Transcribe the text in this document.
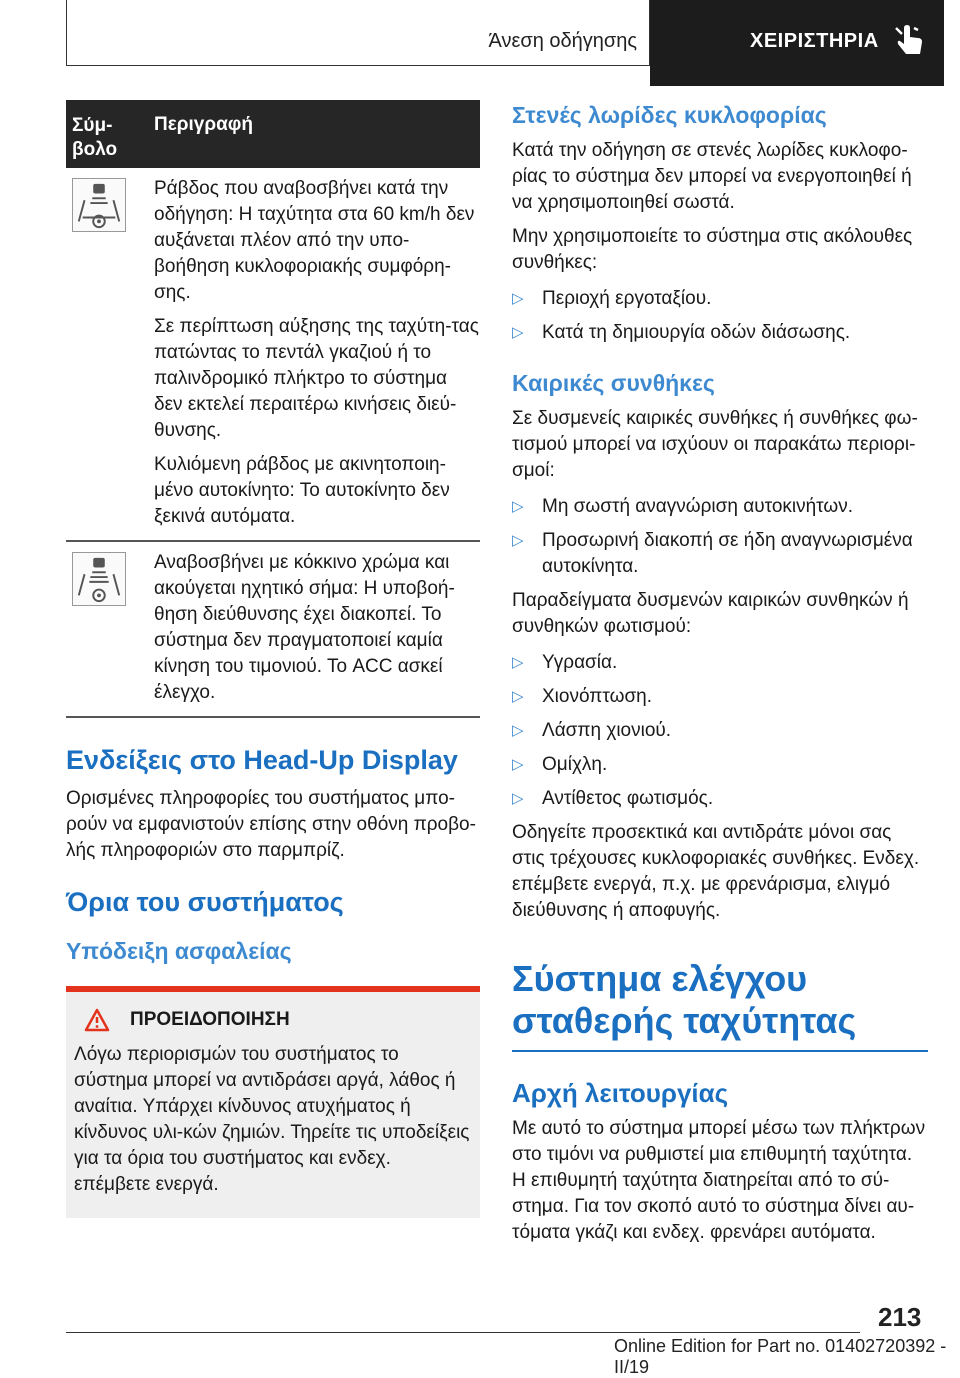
Άνεση οδήγησης	ΧΕΙΡΙΣΤΗΡΙΑ
Σύμ-βολο
Περιγραφή

Ράβδος που αναβοσβήνει κατά την οδήγηση: Η ταχύτητα στα 60 km/h δεν αυξάνεται πλέον από την υπο-βοήθηση κυκλοφοριακής συμφόρη-σης.

Σε περίπτωση αύξησης της ταχύτη-τας πατώντας το πεντάλ γκαζιού ή το παλινδρομικό πλήκτρο το σύστημα δεν εκτελεί περαιτέρω κινήσεις διεύ-θυνσης.

Κυλιόμενη ράβδος με ακινητοποιη-μένο αυτοκίνητο: Το αυτοκίνητο δεν ξεκινά αυτόματα.

Αναβοσβήνει με κόκκινο χρώμα και ακούγεται ηχητικό σήμα: Η υποβοή-θηση διεύθυνσης έχει διακοπεί. Το σύστημα δεν πραγματοποιεί καμία κίνηση του τιμονιού. Το ACC ασκεί έλεγχο.

Ενδείξεις στο Head-Up Display

Ορισμένες πληροφορίες του συστήματος μπο-ρούν να εμφανιστούν επίσης στην οθόνη προβο-λής πληροφοριών στο παρμπρίζ.

Όρια του συστήματος
Υπόδειξη ασφαλείας
ΠΡΟΕΙΔΟΠΟΙΗΣΗ

Λόγω περιορισμών του συστήματος το σύστημα μπορεί να αντιδράσει αργά, λάθος ή αναίτια. Υπάρχει κίνδυνος ατυχήματος ή κίνδυνος υλι-κών ζημιών. Τηρείτε τις υποδείξεις για τα όρια του συστήματος και ενδεχ. επέμβετε ενεργά.

Στενές λωρίδες κυκλοφορίας

Κατά την οδήγηση σε στενές λωρίδες κυκλοφο-ρίας το σύστημα δεν μπορεί να ενεργοποιηθεί ή να χρησιμοποιηθεί σωστά.

Μην χρησιμοποιείτε το σύστημα στις ακόλουθες συνθήκες:

▷ Περιοχή εργοταξίου.
▷ Κατά τη δημιουργία οδών διάσωσης.
Καιρικές συνθήκες

Σε δυσμενείς καιρικές συνθήκες ή συνθήκες φω-τισμού μπορεί να ισχύουν οι παρακάτω περιορι-σμοί:

▷ Μη σωστή αναγνώριση αυτοκινήτων.
▷ Προσωρινή διακοπή σε ήδη αναγνωρισμένα αυτοκίνητα.

Παραδείγματα δυσμενών καιρικών συνθηκών ή συνθηκών φωτισμού:

▷ Υγρασία.
▷ Χιονόπτωση.
▷ Λάσπη χιονιού.
▷ Ομίχλη.
▷ Αντίθετος φωτισμός.

Οδηγείτε προσεκτικά και αντιδράτε μόνοι σας στις τρέχουσες κυκλοφοριακές συνθήκες. Ενδεχ. επέμβετε ενεργά, π.χ. με φρενάρισμα, ελιγμό διεύθυνσης ή αποφυγής.

Σύστημα ελέγχου σταθερής ταχύτητας
Αρχή λειτουργίας

Με αυτό το σύστημα μπορεί μέσω των πλήκτρων στο τιμόνι να ρυθμιστεί μια επιθυμητή ταχύτητα. Η επιθυμητή ταχύτητα διατηρείται από το σύ-στημα. Για τον σκοπό αυτό το σύστημα δίνει αυ-τόματα γκάζι και ενδεχ. φρενάρει αυτόματα.

213
Online Edition for Part no. 01402720392 - II/19
